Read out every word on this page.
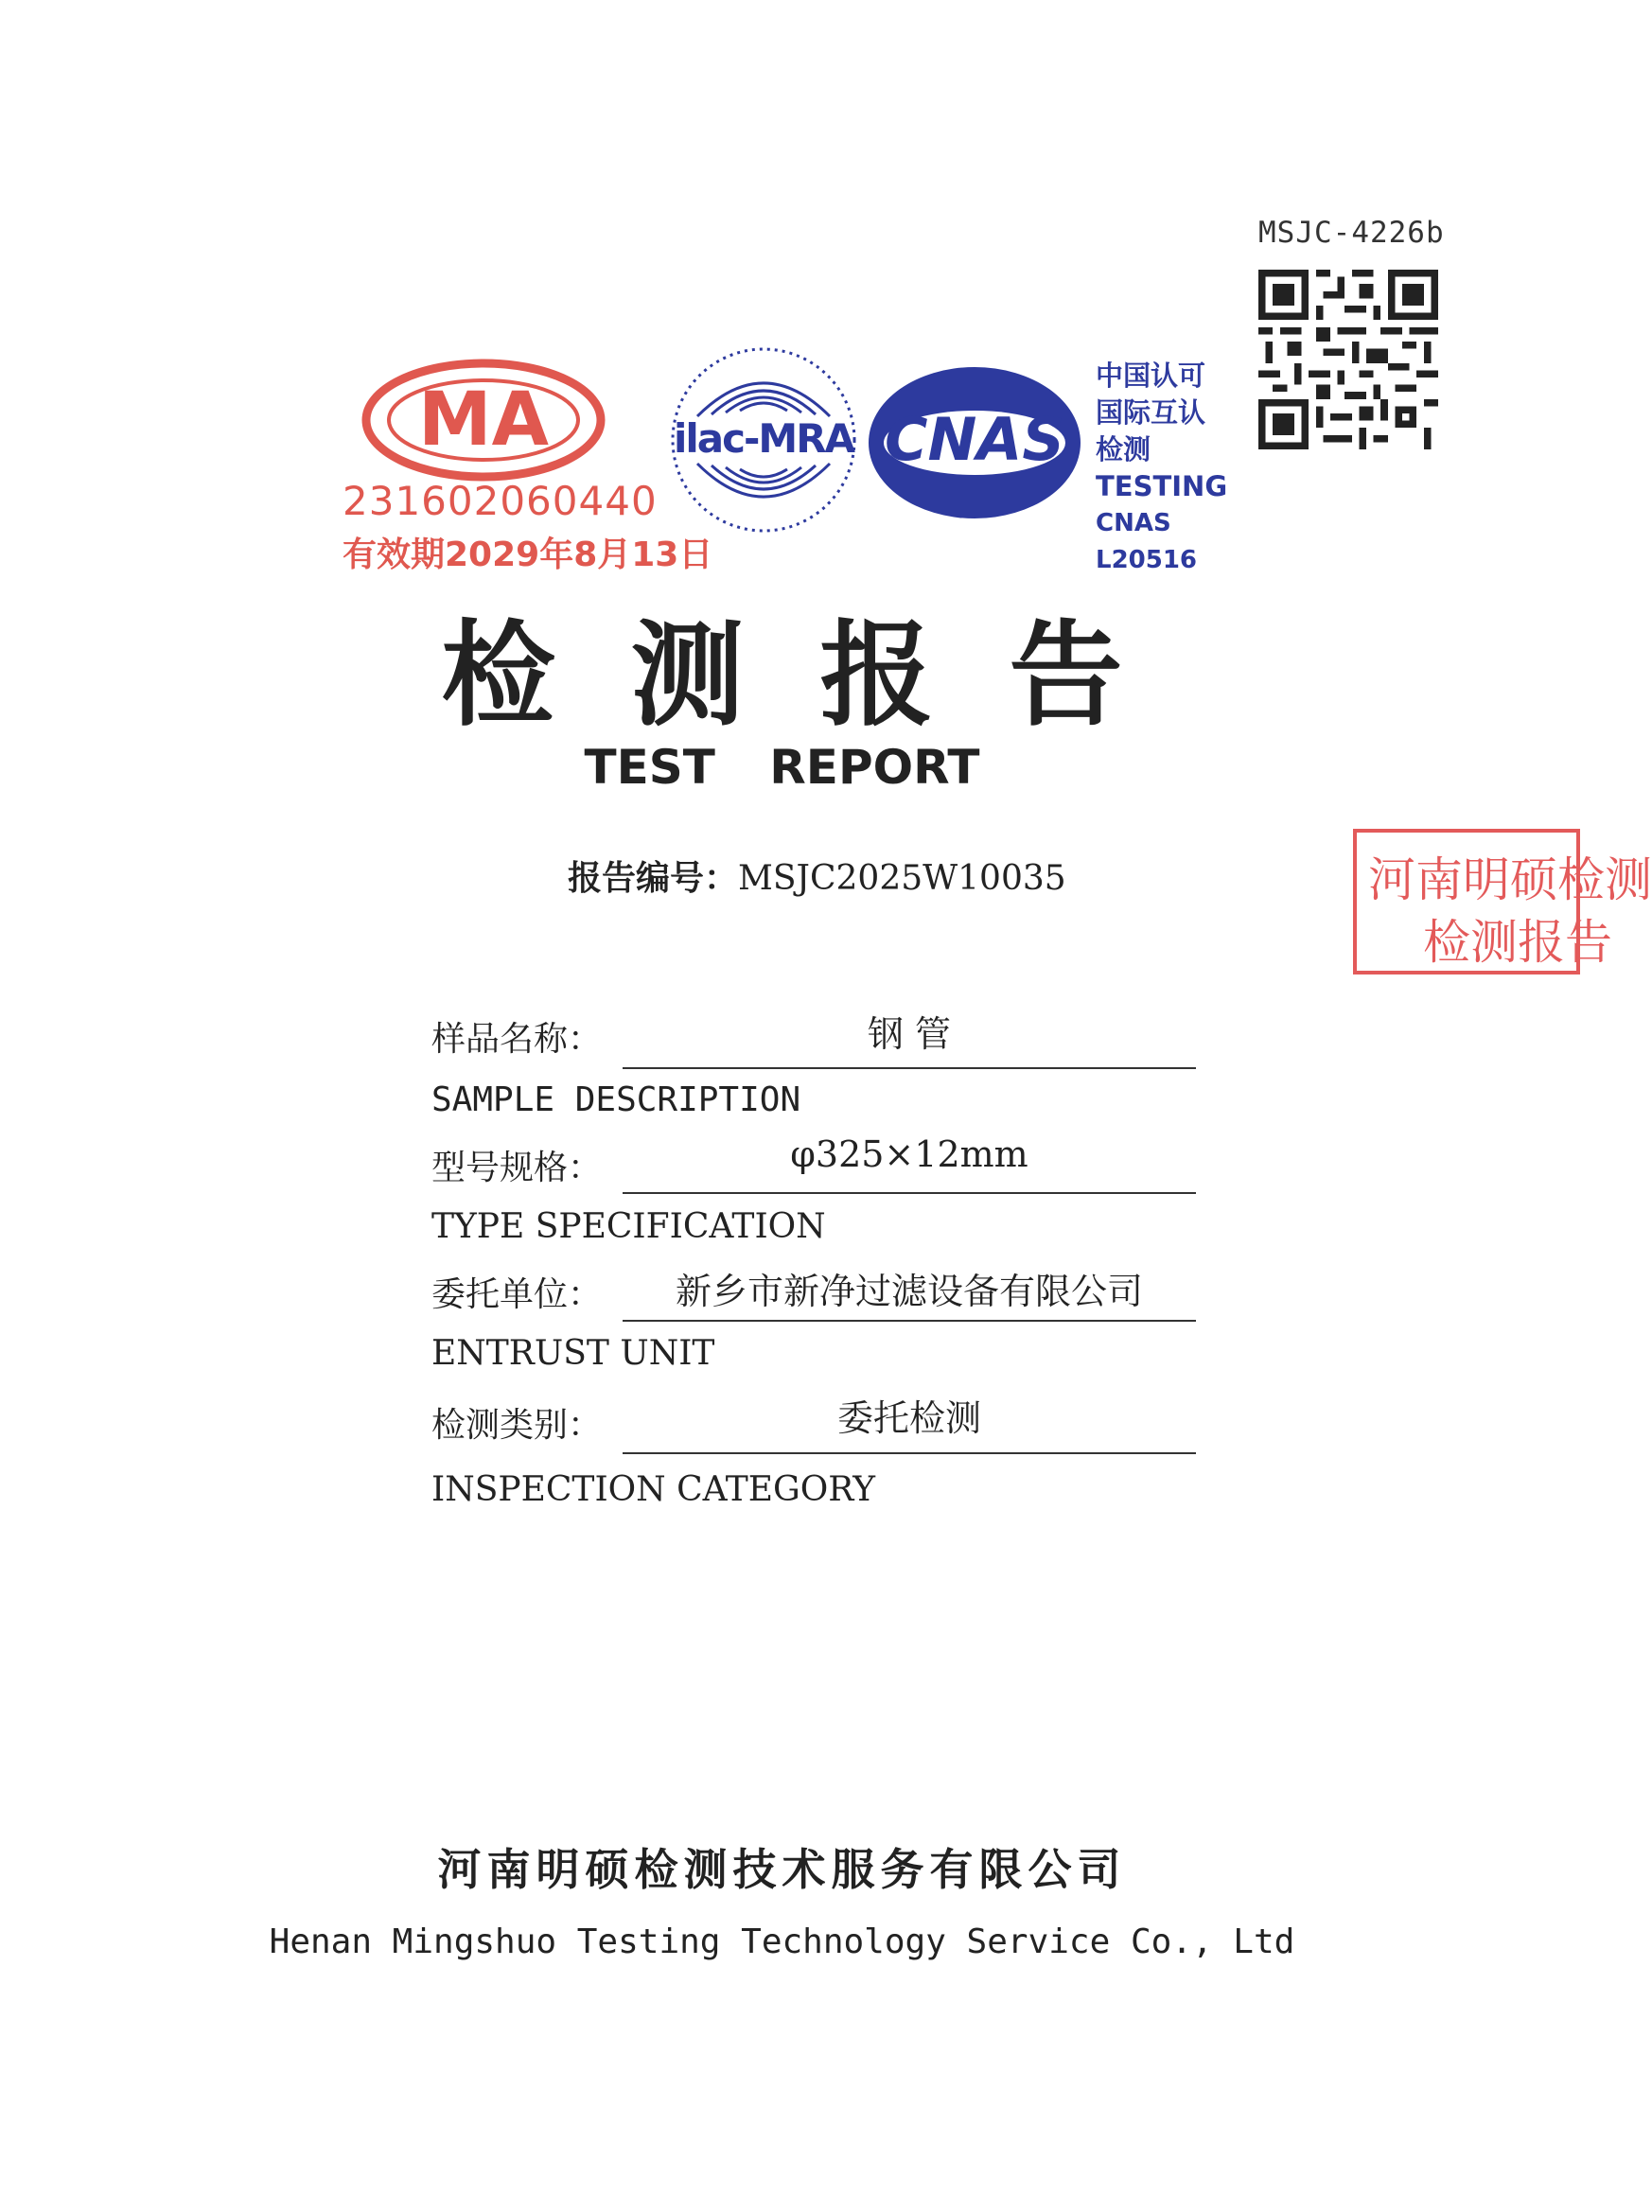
MSJC-4226b
MA
231602060440
有效期2029年8月13日
ilac-MRA CNAS
中国认可
国际互认
检测
TESTING
CNAS L20516
检测报告
TEST REPORT
报告编号：MSJC2025W10035	河南明硕检测
检测报告
样品名称：	钢 管
SAMPLE DESCRIPTION
型号规格：	φ325×12mm
TYPE SPECIFICATION
委托单位：	新乡市新净过滤设备有限公司
ENTRUST UNIT
检测类别：	委托检测
INSPECTION CATEGORY
河南明硕检测技术服务有限公司
Henan Mingshuo Testing Technology Service Co., Ltd
